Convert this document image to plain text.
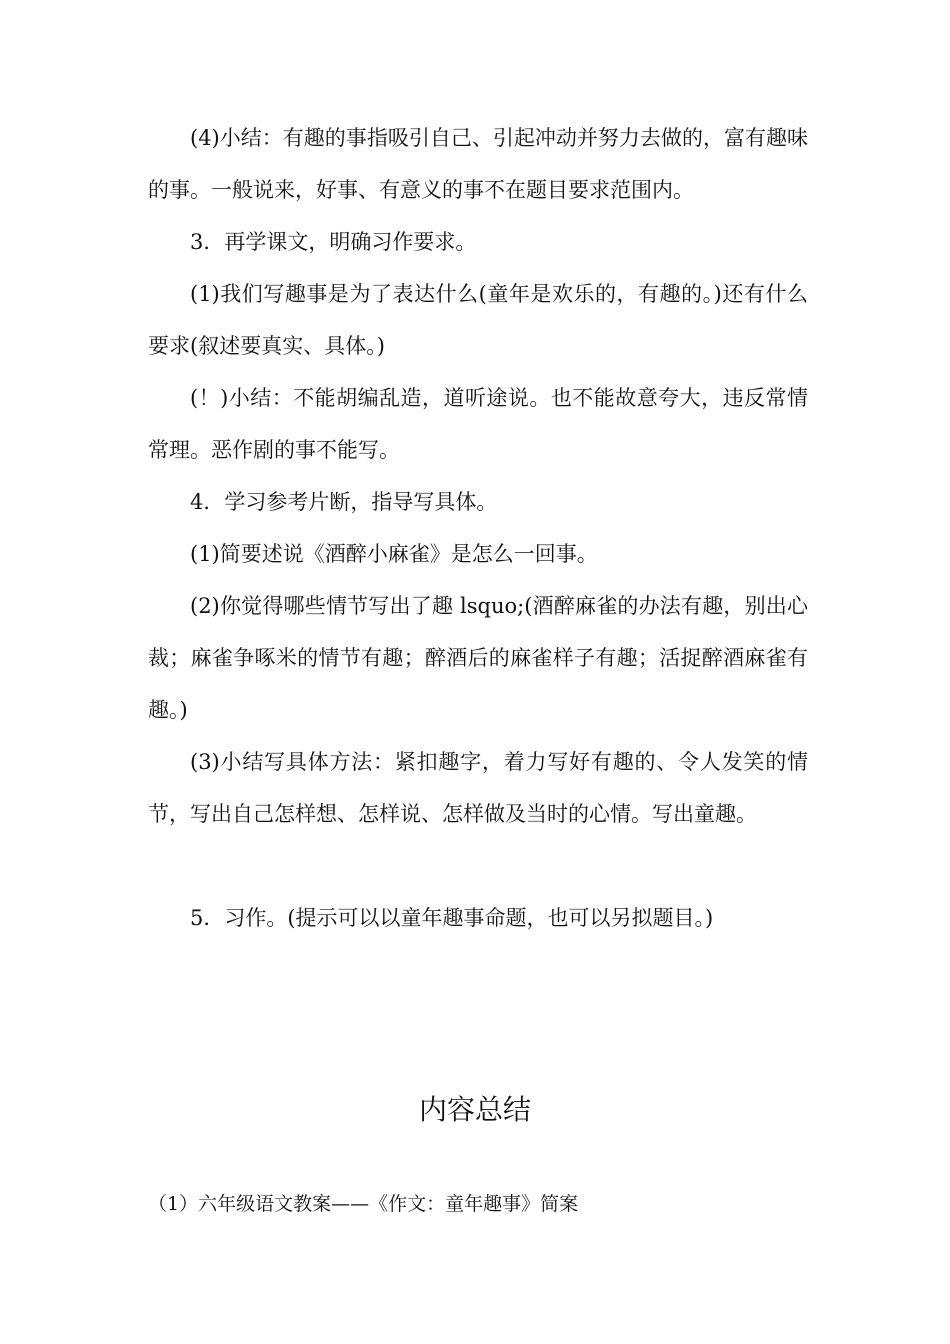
(4)小结：有趣的事指吸引自己、引起冲动并努力去做的，富有趣味的事。一般说来，好事、有意义的事不在题目要求范围内。

3．再学课文，明确习作要求。

(1)我们写趣事是为了表达什么(童年是欢乐的，有趣的。)还有什么要求(叙述要真实、具体。)

(！)小结：不能胡编乱造，道听途说。也不能故意夸大，违反常情常理。恶作剧的事不能写。

4．学习参考片断，指导写具体。

(1)简要述说《酒醉小麻雀》是怎么一回事。

(2)你觉得哪些情节写出了趣 lsquo;(酒醉麻雀的办法有趣，别出心裁；麻雀争啄米的情节有趣；醉酒后的麻雀样子有趣；活捉醉酒麻雀有趣。)

(3)小结写具体方法：紧扣趣字，着力写好有趣的、令人发笑的情节，写出自己怎样想、怎样说、怎样做及当时的心情。写出童趣。

5．习作。(提示可以以童年趣事命题，也可以另拟题目。)

内容总结

（1）六年级语文教案——《作文：童年趣事》简案
